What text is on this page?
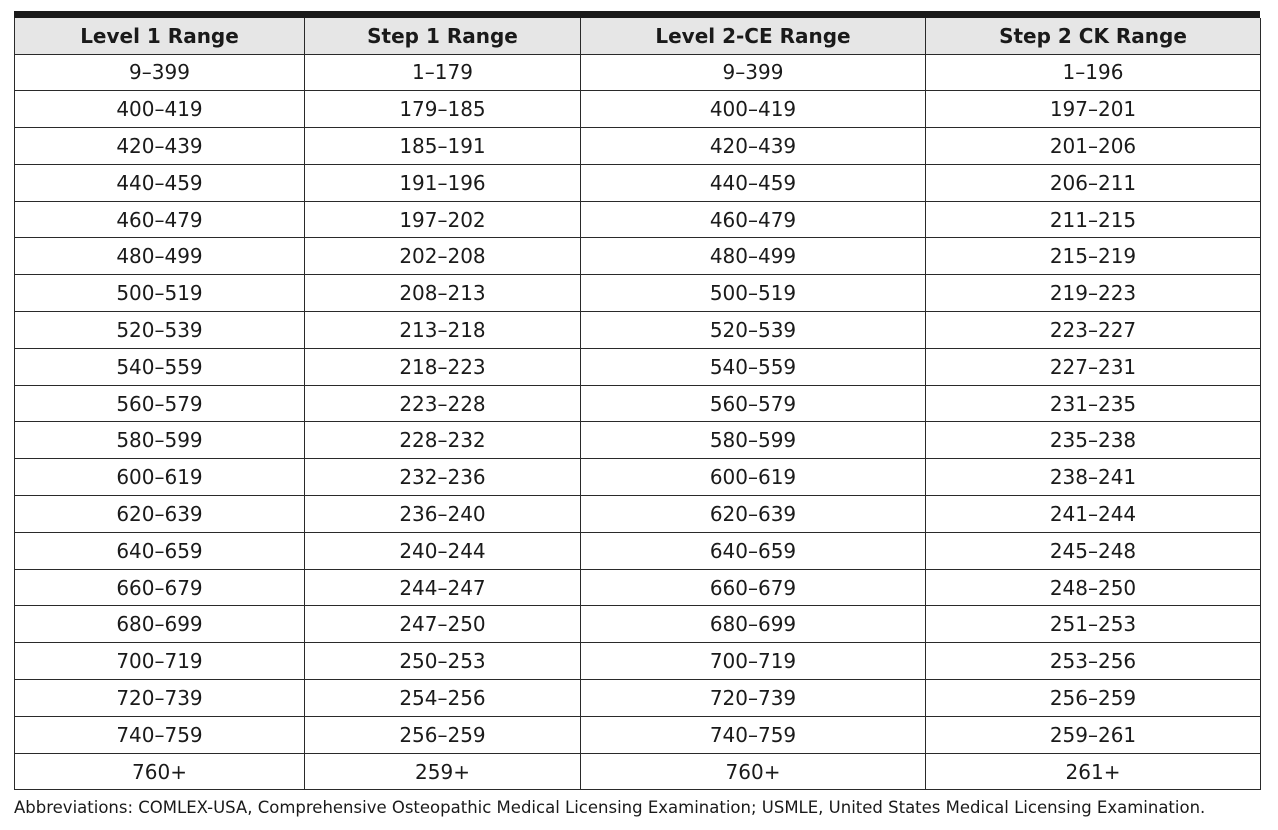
Level 1 Range	Step 1 Range	Level 2-CE Range	Step 2 CK Range
9–399	1–179	9–399	1–196
400–419	179–185	400–419	197–201
420–439	185–191	420–439	201–206
440–459	191–196	440–459	206–211
460–479	197–202	460–479	211–215
480–499	202–208	480–499	215–219
500–519	208–213	500–519	219–223
520–539	213–218	520–539	223–227
540–559	218–223	540–559	227–231
560–579	223–228	560–579	231–235
580–599	228–232	580–599	235–238
600–619	232–236	600–619	238–241
620–639	236–240	620–639	241–244
640–659	240–244	640–659	245–248
660–679	244–247	660–679	248–250
680–699	247–250	680–699	251–253
700–719	250–253	700–719	253–256
720–739	254–256	720–739	256–259
740–759	256–259	740–759	259–261
760+	259+	760+	261+
Abbreviations: COMLEX-USA, Comprehensive Osteopathic Medical Licensing Examination; USMLE, United States Medical Licensing Examination.
